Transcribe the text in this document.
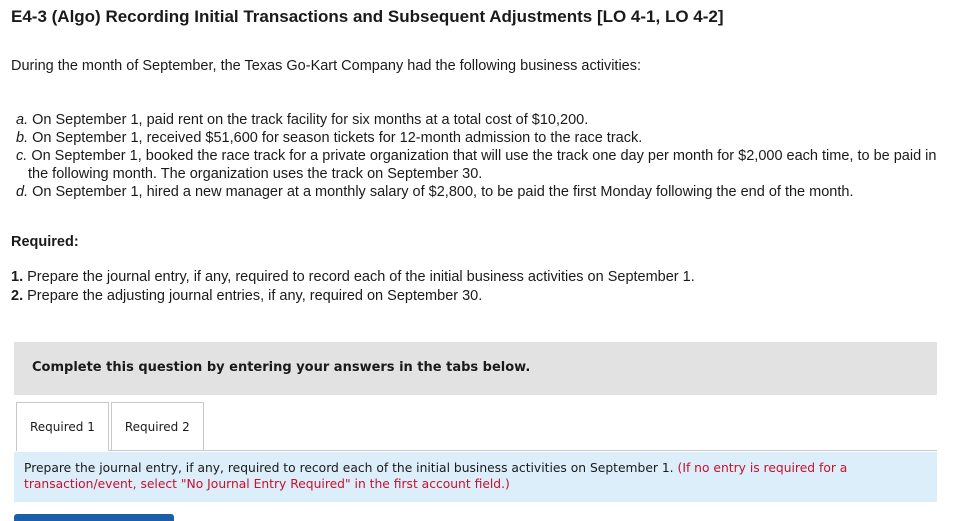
E4-3 (Algo) Recording Initial Transactions and Subsequent Adjustments [LO 4-1, LO 4-2]

During the month of September, the Texas Go-Kart Company had the following business activities:

a. On September 1, paid rent on the track facility for six months at a total cost of $10,200.
b. On September 1, received $51,600 for season tickets for 12-month admission to the race track.
c. On September 1, booked the race track for a private organization that will use the track one day per month for $2,000 each time, to be paid in the following month. The organization uses the track on September 30.
d. On September 1, hired a new manager at a monthly salary of $2,800, to be paid the first Monday following the end of the month.

Required:

1. Prepare the journal entry, if any, required to record each of the initial business activities on September 1.
2. Prepare the adjusting journal entries, if any, required on September 30.
Complete this question by entering your answers in the tabs below.
Required 1	Required 2
Prepare the journal entry, if any, required to record each of the initial business activities on September 1. (If no entry is required for a transaction/event, select "No Journal Entry Required" in the first account field.)
